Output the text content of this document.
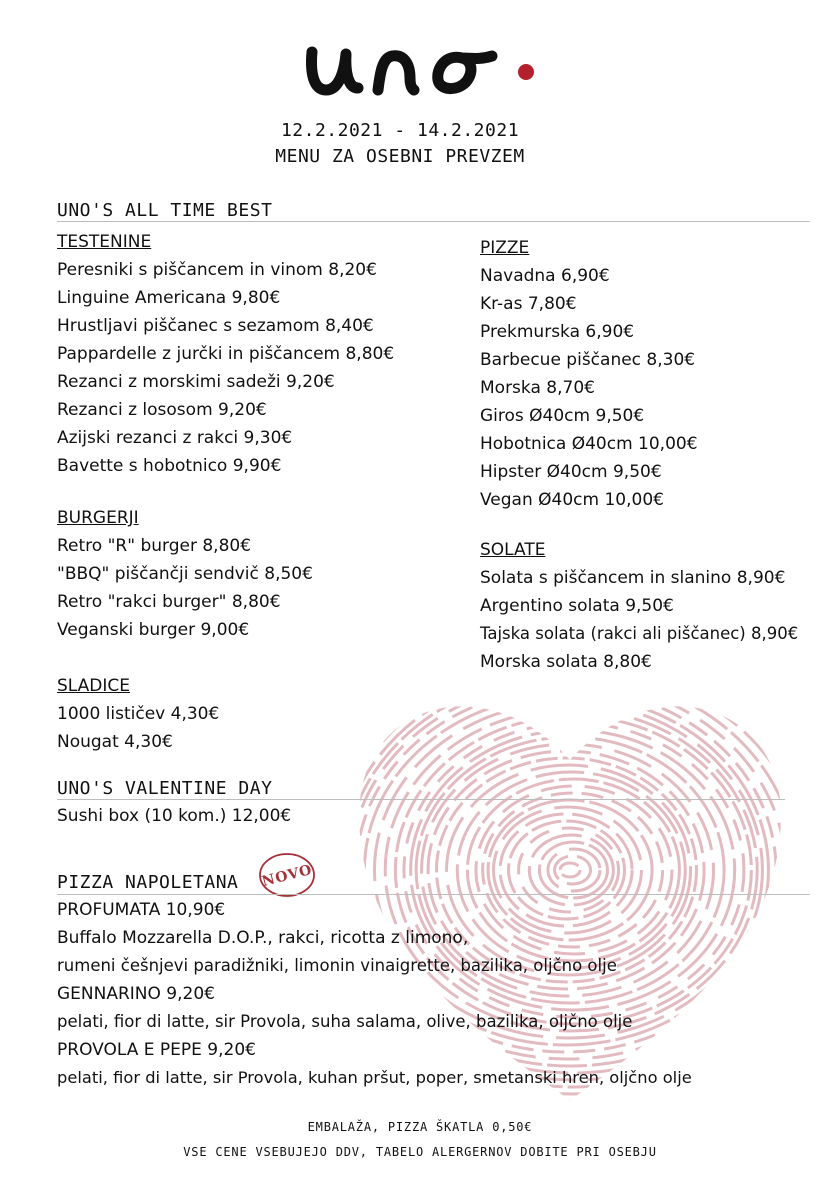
12.2.2021 - 14.2.2021
MENU ZA OSEBNI PREVZEM
UNO'S ALL TIME BEST
TESTENINE
Peresniki s piščancem in vinom 8,20€
Linguine Americana 9,80€
Hrustljavi piščanec s sezamom 8,40€
Pappardelle z jurčki in piščancem 8,80€
Rezanci z morskimi sadeži 9,20€
Rezanci z lososom 9,20€
Azijski rezanci z rakci 9,30€
Bavette s hobotnico 9,90€
BURGERJI
Retro "R" burger 8,80€
"BBQ" piščančji sendvič 8,50€
Retro "rakci burger" 8,80€
Veganski burger 9,00€
SLADICE
1000 lističev 4,30€
Nougat 4,30€
PIZZE
Navadna 6,90€
Kr-as 7,80€
Prekmurska 6,90€
Barbecue piščanec 8,30€
Morska 8,70€
Giros Ø40cm 9,50€
Hobotnica Ø40cm 10,00€
Hipster Ø40cm 9,50€
Vegan Ø40cm 10,00€
SOLATE
Solata s piščancem in slanino 8,90€
Argentino solata 9,50€
Tajska solata (rakci ali piščanec) 8,90€
Morska solata 8,80€
UNO'S VALENTINE DAY
Sushi box (10 kom.) 12,00€
PIZZA NAPOLETANA NOVO
PROFUMATA 10,90€
Buffalo Mozzarella D.O.P., rakci, ricotta z limono,
rumeni češnjevi paradižniki, limonin vinaigrette, bazilika, oljčno olje
GENNARINO 9,20€
pelati, fior di latte, sir Provola, suha salama, olive, bazilika, oljčno olje
PROVOLA E PEPE 9,20€
pelati, fior di latte, sir Provola, kuhan pršut, poper, smetanski hren, oljčno olje
EMBALAŽA, PIZZA ŠKATLA 0,50€
VSE CENE VSEBUJEJO DDV, TABELO ALERGERNOV DOBITE PRI OSEBJU
